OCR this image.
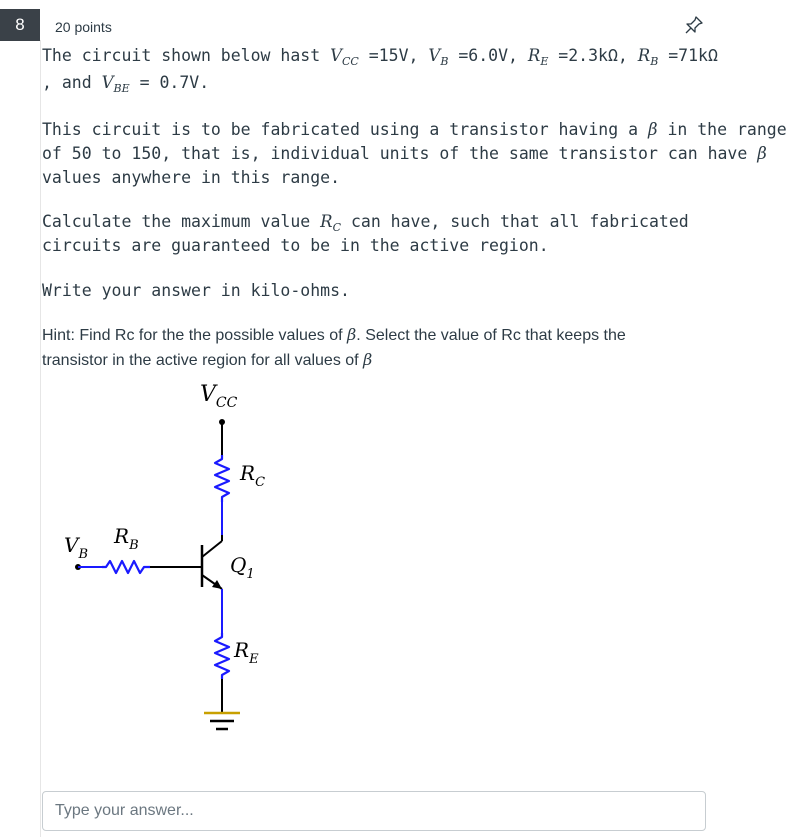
8	20 points
The circuit shown below hast $V_{CC} =15V$, $V_B =6.0V$, $R_E =2.3k\Omega$, $R_B =71k\Omega$
, and $V_{BE} = 0.7V$.
This circuit is to be fabricated using a transistor having a β in the range
of 50 to 150, that is, individual units of the same transistor can have β
values anywhere in this range.
Calculate the maximum value $R_C$ can have, such that all fabricated
circuits are guaranteed to be in the active region.
Write your answer in kilo-ohms.
Hint: Find Rc for the the possible values of β. Select the value of Rc that keeps the transistor in the active region for all values of β
$V_{CC}$
$R_C$
$Q_1$
$R_E$
$V_B$
$R_B$
Type your answer...
